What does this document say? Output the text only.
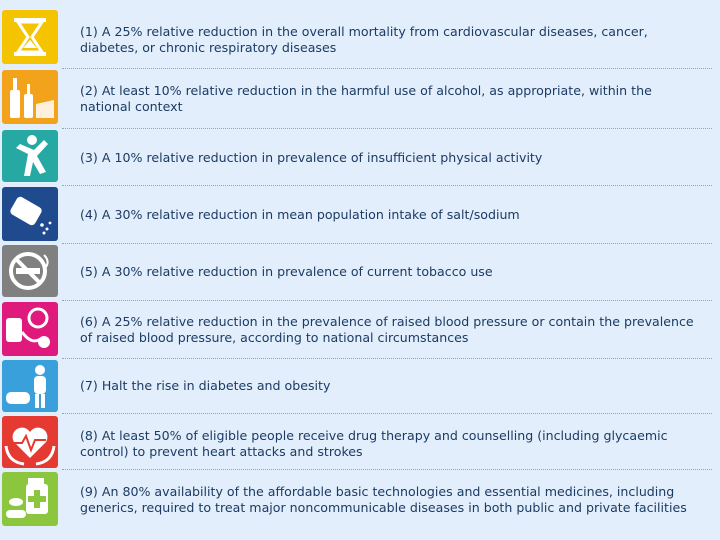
(1) A 25% relative reduction in the overall mortality from cardiovascular diseases, cancer, diabetes, or chronic respiratory diseases
(2) At least 10% relative reduction in the harmful use of alcohol, as appropriate, within the national context
(3) A 10% relative reduction in prevalence of insufficient physical activity
(4) A 30% relative reduction in mean population intake of salt/sodium
(5) A 30% relative reduction in prevalence of current tobacco use
(6) A 25% relative reduction in the prevalence of raised blood pressure or contain the prevalence of raised blood pressure, according to national circumstances
(7) Halt the rise in diabetes and obesity
(8) At least 50% of eligible people receive drug therapy and counselling (including glycaemic control) to prevent heart attacks and strokes
(9) An 80% availability of the affordable basic technologies and essential medicines, including generics, required to treat major noncommunicable diseases in both public and private facilities
